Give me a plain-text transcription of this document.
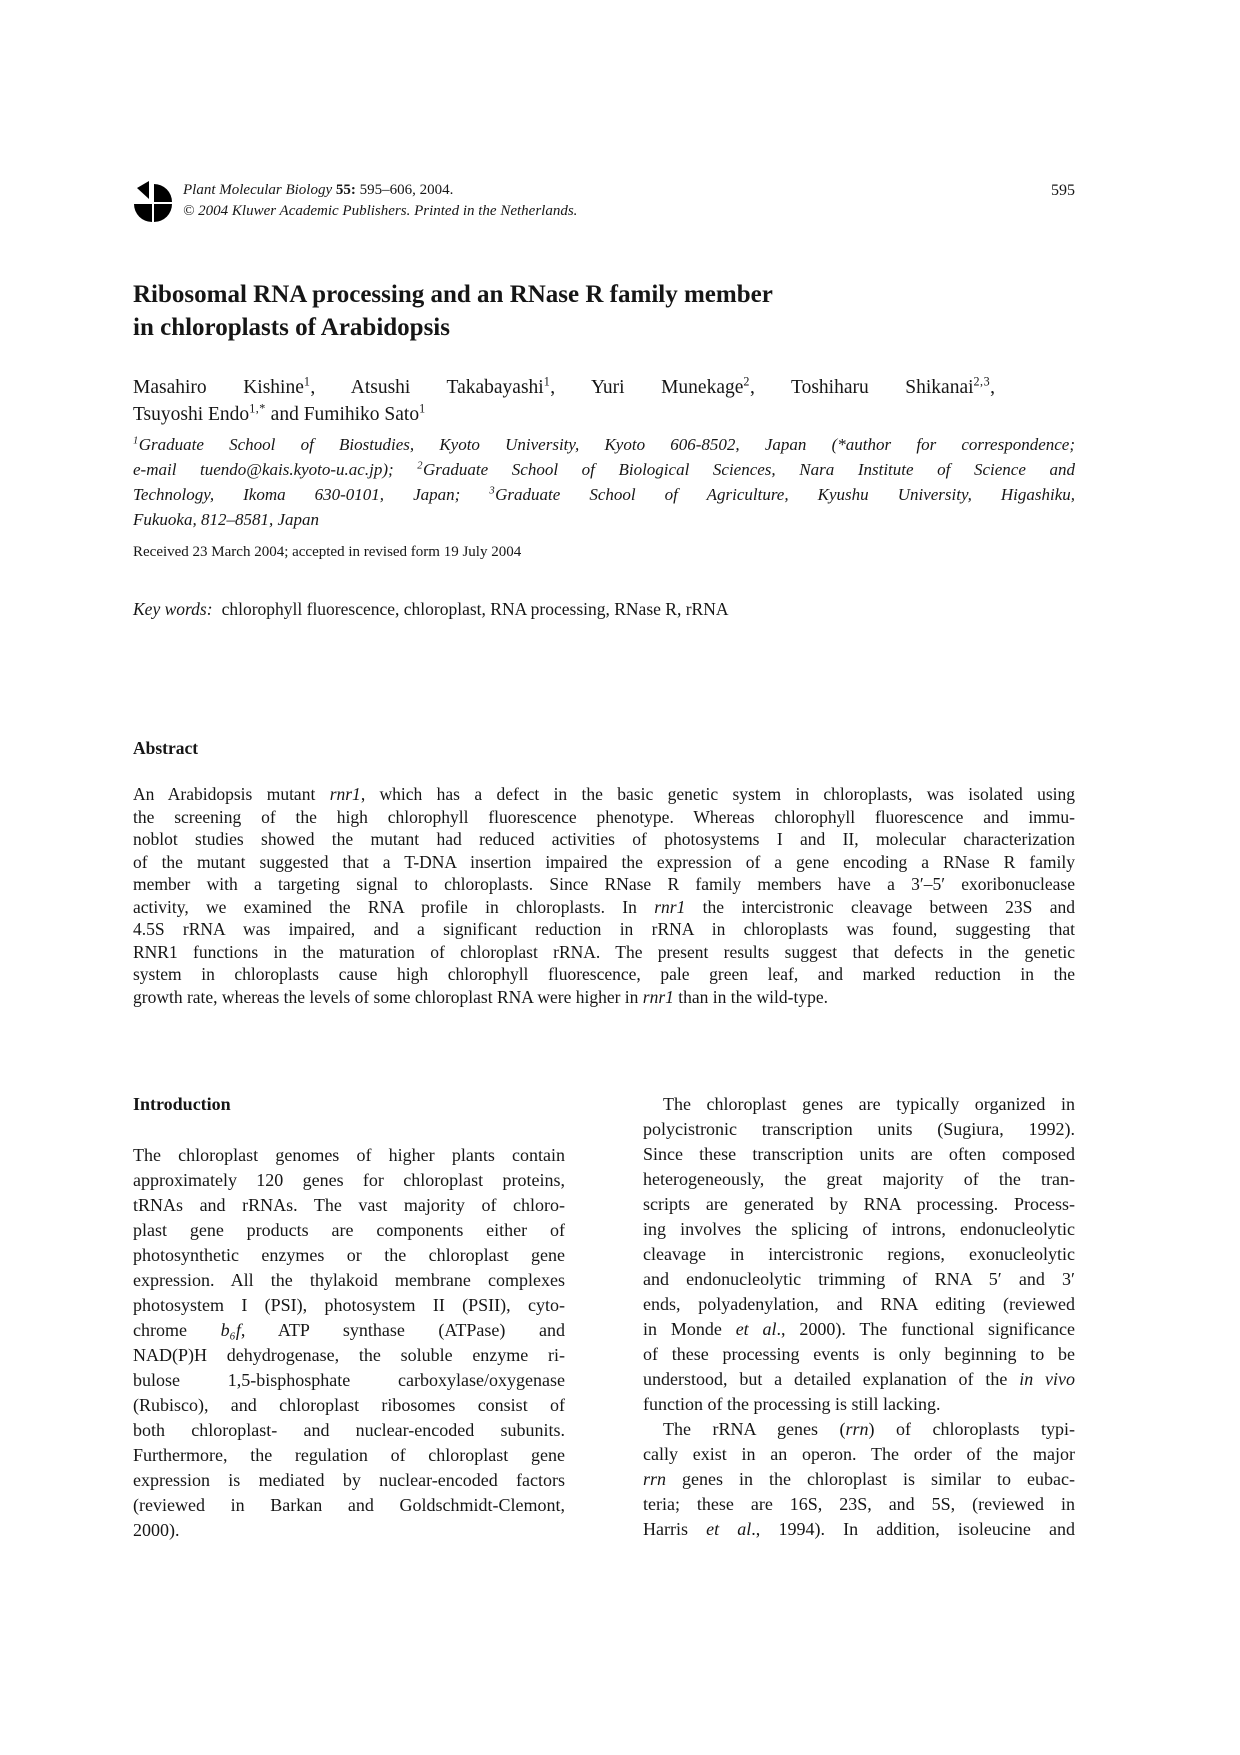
Plant Molecular Biology 55: 595–606, 2004.
© 2004 Kluwer Academic Publishers. Printed in the Netherlands.
595
Ribosomal RNA processing and an RNase R family member
in chloroplasts of Arabidopsis
Masahiro Kishine$^1$, Atsushi Takabayashi$^1$, Yuri Munekage$^2$, Toshiharu Shikanai$^{2,3}$,
Tsuyoshi Endo$^{1,*}$ and Fumihiko Sato$^1$
$^1$Graduate School of Biostudies, Kyoto University, Kyoto 606-8502, Japan (*author for correspondence;
e-mail tuendo@kais.kyoto-u.ac.jp); $^2$Graduate School of Biological Sciences, Nara Institute of Science and
Technology, Ikoma 630-0101, Japan; $^3$Graduate School of Agriculture, Kyushu University, Higashiku,
Fukuoka, 812–8581, Japan
Received 23 March 2004; accepted in revised form 19 July 2004
Key words: chlorophyll fluorescence, chloroplast, RNA processing, RNase R, rRNA
Abstract
An Arabidopsis mutant rnr1, which has a defect in the basic genetic system in chloroplasts, was isolated using
the screening of the high chlorophyll fluorescence phenotype. Whereas chlorophyll fluorescence and immu-
noblot studies showed the mutant had reduced activities of photosystems I and II, molecular characterization
of the mutant suggested that a T-DNA insertion impaired the expression of a gene encoding a RNase R family
member with a targeting signal to chloroplasts. Since RNase R family members have a 3′–5′ exoribonuclease
activity, we examined the RNA profile in chloroplasts. In rnr1 the intercistronic cleavage between 23S and
4.5S rRNA was impaired, and a significant reduction in rRNA in chloroplasts was found, suggesting that
RNR1 functions in the maturation of chloroplast rRNA. The present results suggest that defects in the genetic
system in chloroplasts cause high chlorophyll fluorescence, pale green leaf, and marked reduction in the
growth rate, whereas the levels of some chloroplast RNA were higher in rnr1 than in the wild-type.
Introduction
The chloroplast genomes of higher plants contain
approximately 120 genes for chloroplast proteins,
tRNAs and rRNAs. The vast majority of chloro-
plast gene products are components either of
photosynthetic enzymes or the chloroplast gene
expression. All the thylakoid membrane complexes
photosystem I (PSI), photosystem II (PSII), cyto-
chrome b₆f, ATP synthase (ATPase) and
NAD(P)H dehydrogenase, the soluble enzyme ri-
bulose 1,5-bisphosphate carboxylase/oxygenase
(Rubisco), and chloroplast ribosomes consist of
both chloroplast- and nuclear-encoded subunits.
Furthermore, the regulation of chloroplast gene
expression is mediated by nuclear-encoded factors
(reviewed in Barkan and Goldschmidt-Clemont,
2000).
The chloroplast genes are typically organized in
polycistronic transcription units (Sugiura, 1992).
Since these transcription units are often composed
heterogeneously, the great majority of the tran-
scripts are generated by RNA processing. Process-
ing involves the splicing of introns, endonucleolytic
cleavage in intercistronic regions, exonucleolytic
and endonucleolytic trimming of RNA 5′ and 3′
ends, polyadenylation, and RNA editing (reviewed
in Monde et al., 2000). The functional significance
of these processing events is only beginning to be
understood, but a detailed explanation of the in vivo
function of the processing is still lacking.
The rRNA genes (rrn) of chloroplasts typi-
cally exist in an operon. The order of the major
rrn genes in the chloroplast is similar to eubac-
teria; these are 16S, 23S, and 5S, (reviewed in
Harris et al., 1994). In addition, isoleucine and
